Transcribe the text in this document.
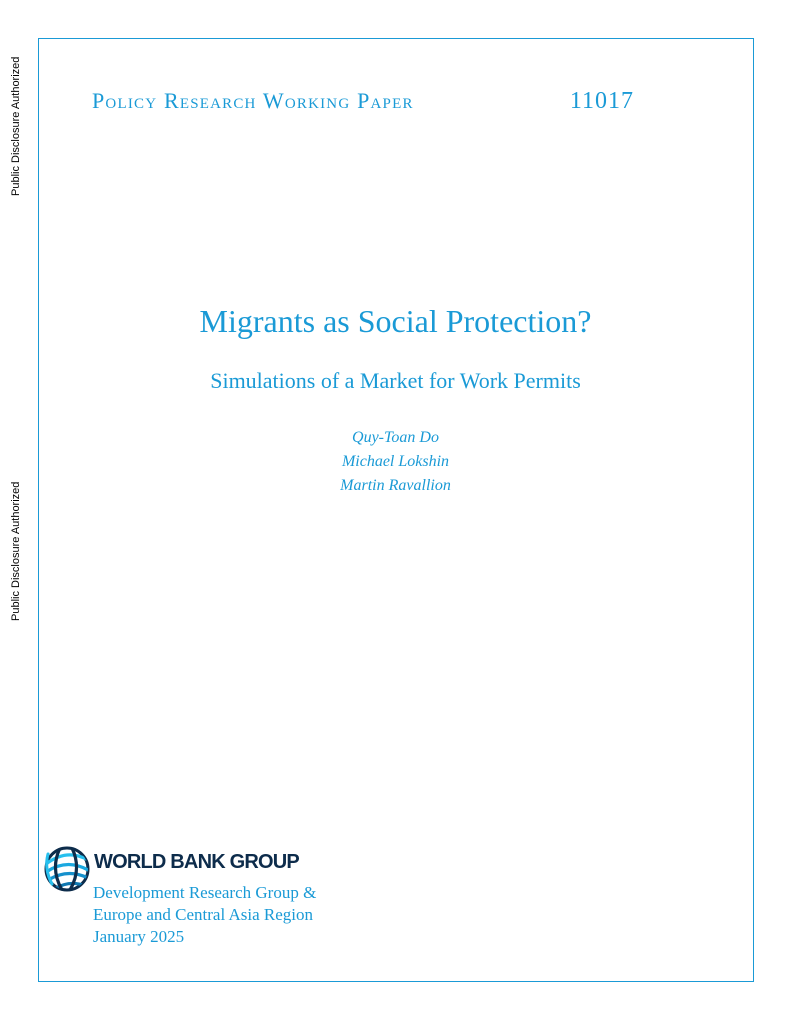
Public Disclosure Authorized
Public Disclosure Authorized
Policy Research Working Paper	11017
Migrants as Social Protection?
Simulations of a Market for Work Permits
Quy-Toan Do
Michael Lokshin
Martin Ravallion
WORLD BANK GROUP
Development Research Group &
Europe and Central Asia Region
January 2025
